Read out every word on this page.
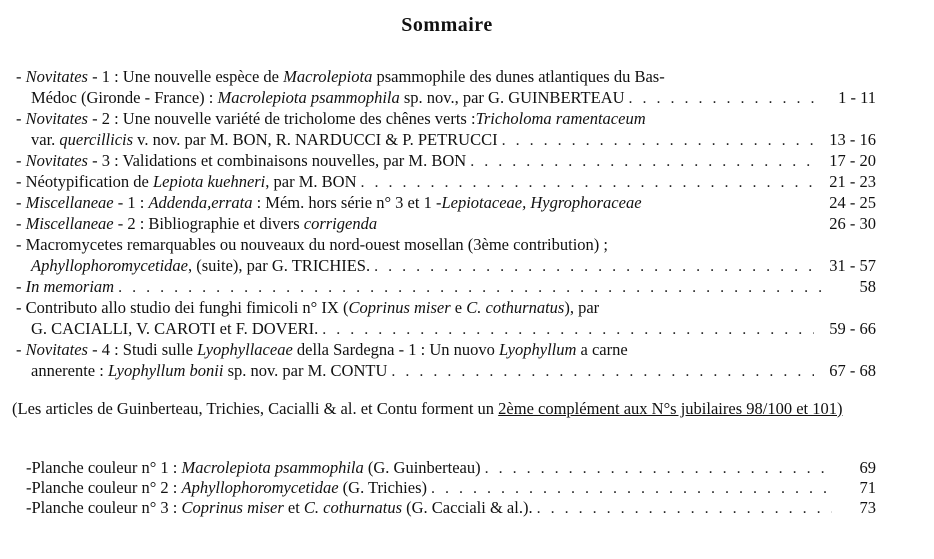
Sommaire
- Novitates - 1 : Une nouvelle espèce de Macrolepiota psammophile des dunes atlantiques du Bas-
Médoc (Gironde - France) : Macrolepiota psammophila sp. nov., par G. GUINBERTEAU . . .	1 - 11
- Novitates - 2 : Une nouvelle variété de tricholome des chênes verts :Tricholoma ramentaceum
var. quercillicis v. nov. par M. BON, R. NARDUCCI & P. PETRUCCI . . .	13 - 16
- Novitates - 3 : Validations et combinaisons nouvelles, par M. BON . . .	17 - 20
- Néotypification de Lepiota kuehneri, par M. BON . . .	21 - 23
- Miscellaneae - 1 : Addenda,errata : Mém. hors série n° 3 et 1 -Lepiotaceae, Hygrophoraceae	24 - 25
- Miscellaneae - 2 : Bibliographie et divers corrigenda	26 - 30
- Macromycetes remarquables ou nouveaux du nord-ouest mosellan (3ème contribution) ;
Aphyllophoromycetidae, (suite), par G. TRICHIES. . . .	31 - 57
- In memoriam . . .	58
- Contributo allo studio dei funghi fimicoli n° IX (Coprinus miser e C. cothurnatus), par
G. CACIALLI, V. CAROTI et F. DOVERI. . . .	59 - 66
- Novitates - 4 : Studi sulle Lyophyllaceae della Sardegna - 1 : Un nuovo Lyophyllum a carne
annerente : Lyophyllum bonii sp. nov. par M. CONTU . . .	67 - 68
(Les articles de Guinberteau, Trichies, Cacialli & al. et Contu forment un 2ème complément aux N°s jubilaires 98/100 et 101)
-Planche couleur n° 1 : Macrolepiota psammophila (G. Guinberteau) . . .	69
-Planche couleur n° 2 : Aphyllophoromycetidae (G. Trichies) . . .	71
-Planche couleur n° 3 : Coprinus miser et C. cothurnatus (G. Cacciali & al.). . . .	73
